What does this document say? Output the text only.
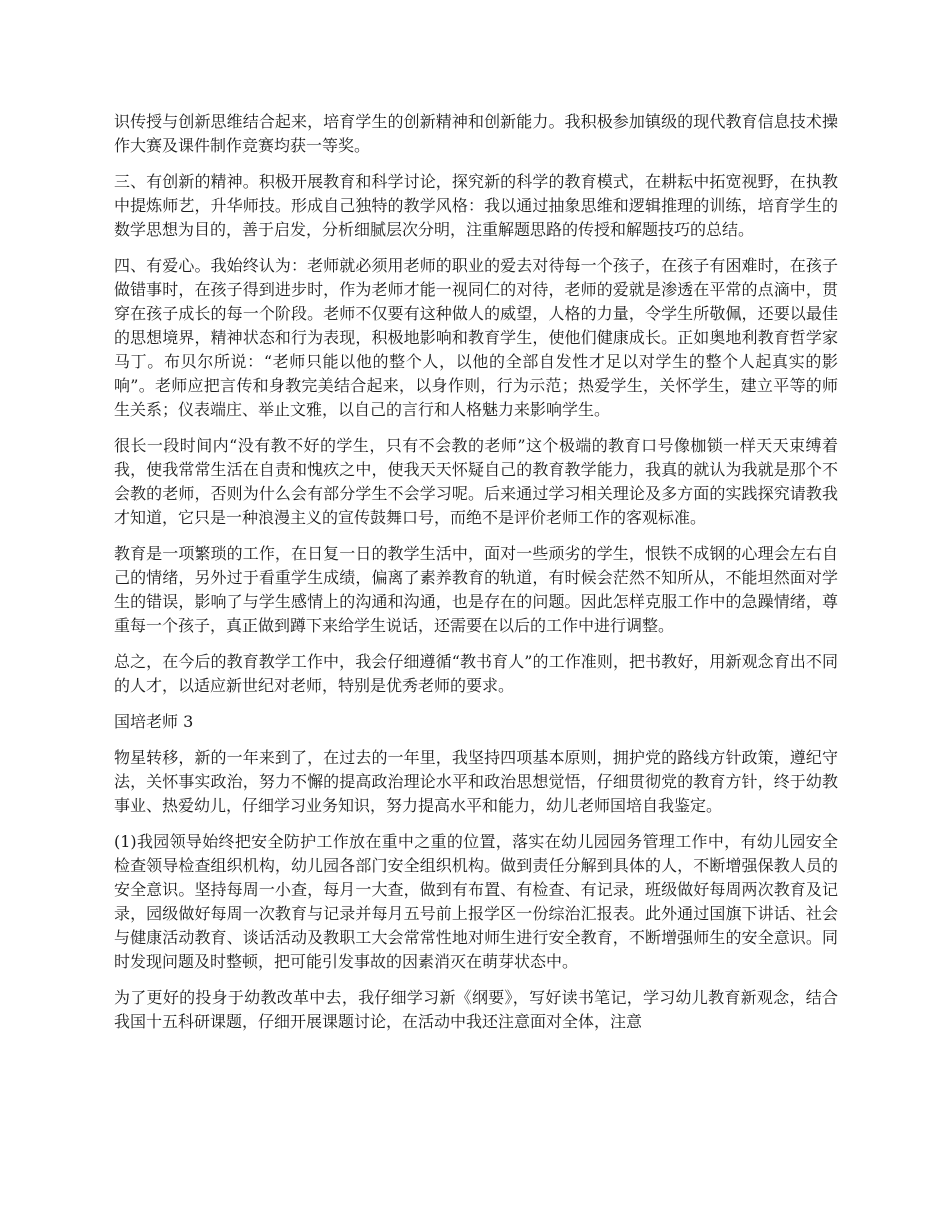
识传授与创新思维结合起来，培育学生的创新精神和创新能力。我积极参加镇级的现代教育信息技术操作大赛及课件制作竞赛均获一等奖。

三、有创新的精神。积极开展教育和科学讨论，探究新的科学的教育模式，在耕耘中拓宽视野，在执教中提炼师艺，升华师技。形成自己独特的教学风格：我以通过抽象思维和逻辑推理的训练，培育学生的数学思想为目的，善于启发，分析细腻层次分明，注重解题思路的传授和解题技巧的总结。

四、有爱心。我始终认为：老师就必须用老师的职业的爱去对待每一个孩子，在孩子有困难时，在孩子做错事时，在孩子得到进步时，作为老师才能一视同仁的对待，老师的爱就是渗透在平常的点滴中，贯穿在孩子成长的每一个阶段。老师不仅要有这种做人的威望，人格的力量，令学生所敬佩，还要以最佳的思想境界，精神状态和行为表现，积极地影响和教育学生，使他们健康成长。正如奥地利教育哲学家马丁。布贝尔所说：“老师只能以他的整个人，以他的全部自发性才足以对学生的整个人起真实的影响”。老师应把言传和身教完美结合起来，以身作则，行为示范；热爱学生，关怀学生，建立平等的师生关系；仪表端庄、举止文雅，以自己的言行和人格魅力来影响学生。

很长一段时间内“没有教不好的学生，只有不会教的老师”这个极端的教育口号像枷锁一样天天束缚着我，使我常常生活在自责和愧疚之中，使我天天怀疑自己的教育教学能力，我真的就认为我就是那个不会教的老师，否则为什么会有部分学生不会学习呢。后来通过学习相关理论及多方面的实践探究请教我才知道，它只是一种浪漫主义的宣传鼓舞口号，而绝不是评价老师工作的客观标准。

教育是一项繁琐的工作，在日复一日的教学生活中，面对一些顽劣的学生，恨铁不成钢的心理会左右自己的情绪，另外过于看重学生成绩，偏离了素养教育的轨道，有时候会茫然不知所从，不能坦然面对学生的错误，影响了与学生感情上的沟通和沟通，也是存在的问题。因此怎样克服工作中的急躁情绪，尊重每一个孩子，真正做到蹲下来给学生说话，还需要在以后的工作中进行调整。

总之，在今后的教育教学工作中，我会仔细遵循“教书育人”的工作准则，把书教好，用新观念育出不同的人才，以适应新世纪对老师，特别是优秀老师的要求。

国培老师 3

物星转移，新的一年来到了，在过去的一年里，我坚持四项基本原则，拥护党的路线方针政策，遵纪守法，关怀事实政治，努力不懈的提高政治理论水平和政治思想觉悟，仔细贯彻党的教育方针，终于幼教事业、热爱幼儿，仔细学习业务知识，努力提高水平和能力，幼儿老师国培自我鉴定。

(1)我园领导始终把安全防护工作放在重中之重的位置，落实在幼儿园园务管理工作中，有幼儿园安全检查领导检查组织机构，幼儿园各部门安全组织机构。做到责任分解到具体的人，不断增强保教人员的安全意识。坚持每周一小查，每月一大查，做到有布置、有检查、有记录，班级做好每周两次教育及记录，园级做好每周一次教育与记录并每月五号前上报学区一份综治汇报表。此外通过国旗下讲话、社会与健康活动教育、谈话活动及教职工大会常常性地对师生进行安全教育，不断增强师生的安全意识。同时发现问题及时整顿，把可能引发事故的因素消灭在萌芽状态中。

为了更好的投身于幼教改革中去，我仔细学习新《纲要》，写好读书笔记，学习幼儿教育新观念，结合我国十五科研课题，仔细开展课题讨论，在活动中我还注意面对全体，注意
